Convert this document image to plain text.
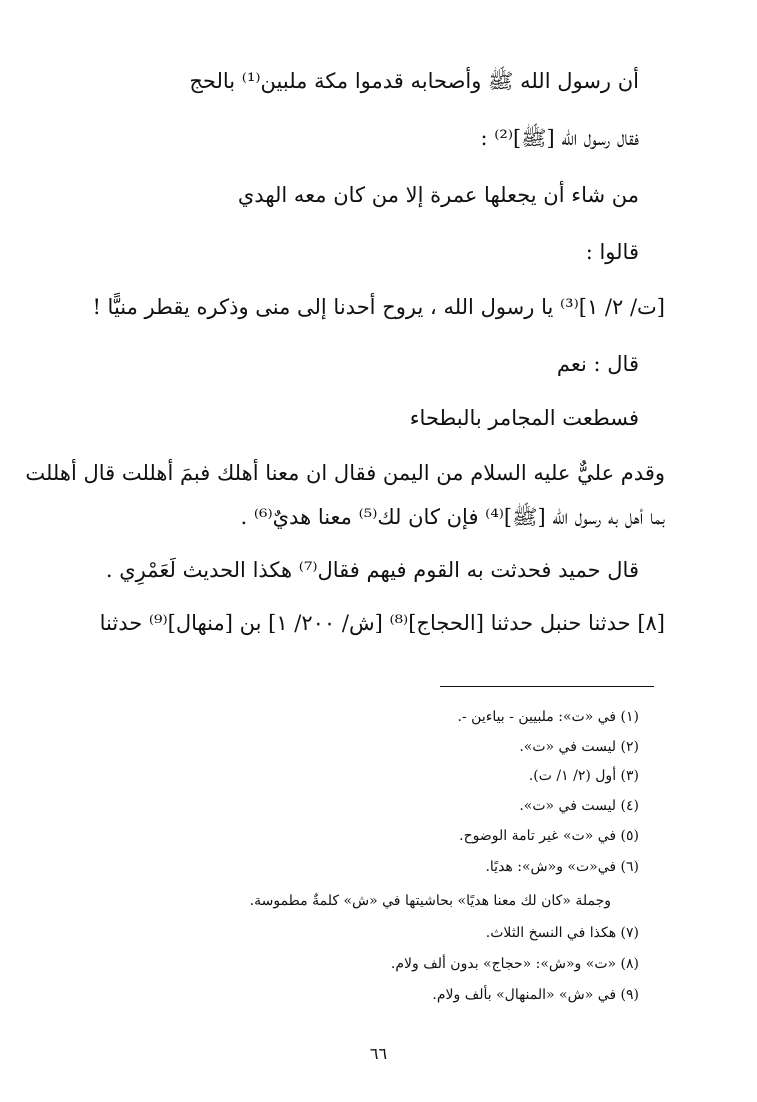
أن رسول الله ﷺ وأصحابه قدموا مكة ملبين⁽¹⁾ بالحج
فقال رسول الله [ﷺ]⁽²⁾ :
من شاء أن يجعلها عمرة إلا من كان معه الهدي
قالوا :
[ت/ ٢/ ١]⁽³⁾ يا رسول الله ، يروح أحدنا إلى منى وذكره يقطر منيًّا !
قال : نعم
فسطعت المجامر بالبطحاء
وقدم عليٌّ عليه السلام من اليمن فقال ان معنا أهلك فبمَ أهللت قال أهللت
بما أهل به رسول الله [ﷺ]⁽⁴⁾ فإن كان لك⁽⁵⁾ معنا هديٌ⁽⁶⁾ .
قال حميد فحدثت به القوم فيهم فقال⁽⁷⁾ هكذا الحديث لَعَمْرِي .
[٨] حدثنا حنبل حدثنا [الحجاج]⁽⁸⁾ [ش/ ٢٠٠/ ١] بن [منهال]⁽⁹⁾ حدثنا
(١) في «ت»: ملبيين - بياءين -.
(٢) ليست في «ت».
(٣) أول (٢/ ١/ ت).
(٤) ليست في «ت».
(٥) في «ت» غير تامة الوضوح.
(٦) في«ت» و«ش»: هديًا.
وجملة «كان لك معنا هديًا» بحاشيتها في «ش» كلمةٌ مطموسة.
(٧) هكذا في النسخ الثلاث.
(٨) «ت» و«ش»: «حجاج» بدون ألف ولام.
(٩) في «ش» «المنهال» بألف ولام.
٦٦
